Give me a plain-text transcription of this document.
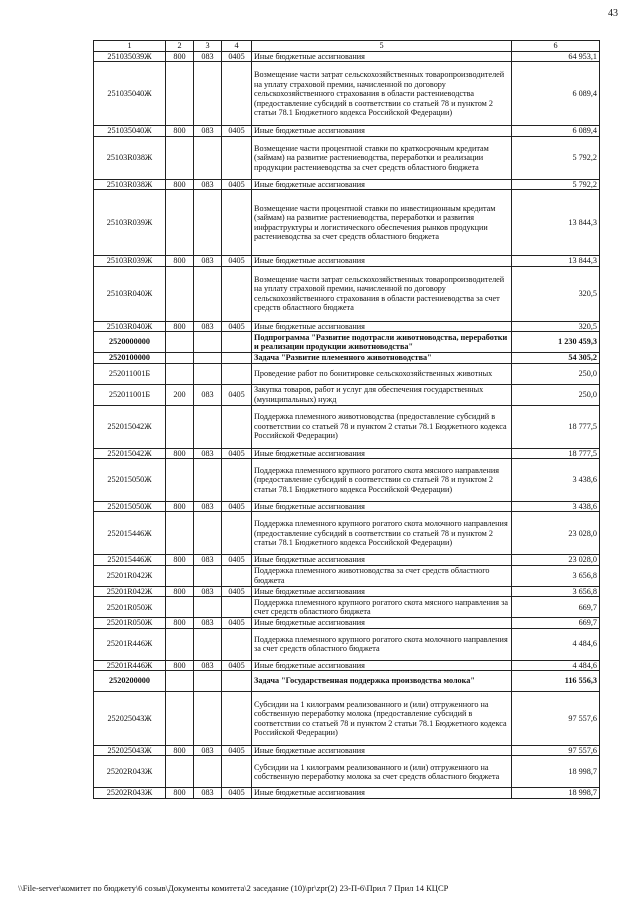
43
1	2	3	4	5	6
251035039Ж	800	083	0405	Иные бюджетные ассигнования	64 953,1
251035040Ж				Возмещение части затрат сельскохозяйственных товаропроизводителей на уплату страховой премии, начисленной по договору сельскохозяйственного страхования в области растениеводства (предоставление субсидий в соответствии со статьей 78 и пунктом 2 статьи 78.1 Бюджетного кодекса Российской Федерации)	6 089,4
251035040Ж	800	083	0405	Иные бюджетные ассигнования	6 089,4
25103R038Ж				Возмещение части процентной ставки по краткосрочным кредитам (займам) на развитие растениеводства, переработки и реализации продукции растениеводства за счет средств областного бюджета	5 792,2
25103R038Ж	800	083	0405	Иные бюджетные ассигнования	5 792,2
25103R039Ж				Возмещение части процентной ставки по инвестиционным кредитам (займам) на развитие растениеводства, переработки и развития инфраструктуры и логистического обеспечения рынков продукции растениеводства за счет средств областного бюджета	13 844,3
25103R039Ж	800	083	0405	Иные бюджетные ассигнования	13 844,3
25103R040Ж				Возмещение части затрат сельскохозяйственных товаропроизводителей на уплату страховой премии, начисленной по договору сельскохозяйственного страхования в области растениеводства за счет средств областного бюджета	320,5
25103R040Ж	800	083	0405	Иные бюджетные ассигнования	320,5
2520000000				Подпрограмма "Развитие подотрасли животноводства, переработки и реализации продукции животноводства"	1 230 459,3
2520100000				Задача "Развитие племенного животноводства"	54 305,2
252011001Б				Проведение работ по бонитировке сельскохозяйственных животных	250,0
252011001Б	200	083	0405	Закупка товаров, работ и услуг для обеспечения государственных (муниципальных) нужд	250,0
252015042Ж				Поддержка племенного животноводства (предоставление субсидий в соответствии со статьей 78 и пунктом 2 статьи 78.1 Бюджетного кодекса Российской Федерации)	18 777,5
252015042Ж	800	083	0405	Иные бюджетные ассигнования	18 777,5
252015050Ж				Поддержка племенного крупного рогатого скота мясного направления (предоставление субсидий в соответствии со статьей 78 и пунктом 2 статьи 78.1 Бюджетного кодекса Российской Федерации)	3 438,6
252015050Ж	800	083	0405	Иные бюджетные ассигнования	3 438,6
252015446Ж				Поддержка племенного крупного рогатого скота молочного направления (предоставление субсидий в соответствии со статьей 78 и пунктом 2 статьи 78.1 Бюджетного кодекса Российской Федерации)	23 028,0
252015446Ж	800	083	0405	Иные бюджетные ассигнования	23 028,0
25201R042Ж				Поддержка племенного животноводства за счет средств областного бюджета	3 656,8
25201R042Ж	800	083	0405	Иные бюджетные ассигнования	3 656,8
25201R050Ж				Поддержка племенного крупного рогатого скота мясного направления за счет средств областного бюджета	669,7
25201R050Ж	800	083	0405	Иные бюджетные ассигнования	669,7
25201R446Ж				Поддержка племенного крупного рогатого скота молочного направления за счет средств областного бюджета	4 484,6
25201R446Ж	800	083	0405	Иные бюджетные ассигнования	4 484,6
2520200000				Задача "Государственная поддержка производства молока"	116 556,3
25202504ЗЖ				Субсидии на 1 килограмм реализованного и (или) отгруженного на собственную переработку молока (предоставление субсидий в соответствии со статьей 78 и пунктом 2 статьи 78.1 Бюджетного кодекса Российской Федерации)	97 557,6
25202504ЗЖ	800	083	0405	Иные бюджетные ассигнования	97 557,6
25202R04ЗЖ				Субсидии на 1 килограмм реализованного и (или) отгруженного на собственную переработку молока за счет средств областного бюджета	18 998,7
25202R04ЗЖ	800	083	0405	Иные бюджетные ассигнования	18 998,7
\\File-server\комитет по бюджету\6 созыв\Документы комитета\2 заседание (10)\pr\zpr(2) 23-П-6\Прил 7 Прил 14 КЦСР
